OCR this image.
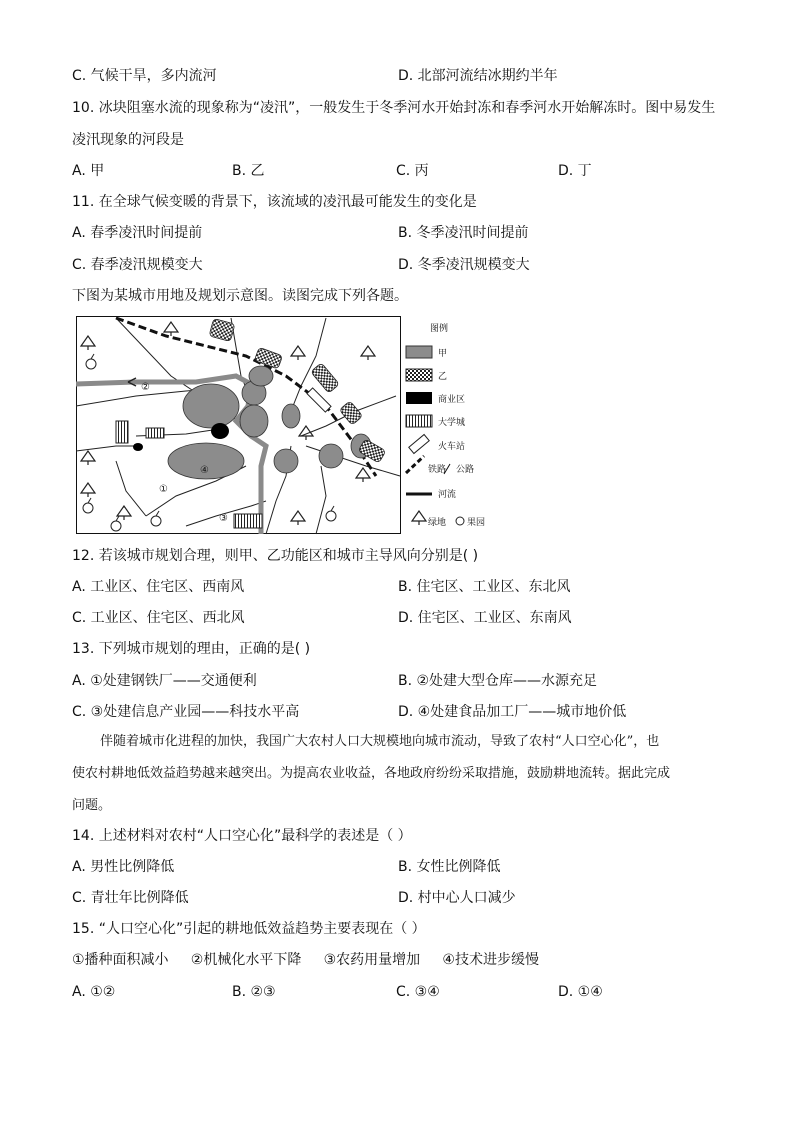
C. 气候干旱，多内流河	D. 北部河流结冰期约半年
10. 冰块阻塞水流的现象称为“凌汛”，一般发生于冬季河水开始封冻和春季河水开始解冻时。图中易发生
凌汛现象的河段是
A. 甲	B. 乙	C. 丙	D. 丁
11. 在全球气候变暖的背景下，该流域的凌汛最可能发生的变化是
A. 春季凌汛时间提前	B. 冬季凌汛时间提前
C. 春季凌汛规模变大	D. 冬季凌汛规模变大
下图为某城市用地及规划示意图。读图完成下列各题。
②
①
③
④
图例
甲
乙
商业区
大学城
火车站
铁路 公路
河流
绿地 果园
12. 若该城市规划合理，则甲、乙功能区和城市主导风向分别是( )
A. 工业区、住宅区、西南风	B. 住宅区、工业区、东北风
C. 工业区、住宅区、西北风	D. 住宅区、工业区、东南风
13. 下列城市规划的理由，正确的是( )
A. ①处建钢铁厂——交通便利	B. ②处建大型仓库——水源充足
C. ③处建信息产业园——科技水平高	D. ④处建食品加工厂——城市地价低
伴随着城市化进程的加快，我国广大农村人口大规模地向城市流动，导致了农村“人口空心化”，也
使农村耕地低效益趋势越来越突出。为提高农业收益，各地政府纷纷采取措施，鼓励耕地流转。据此完成
问题。
14. 上述材料对农村“人口空心化”最科学的表述是（ ）
A. 男性比例降低	B. 女性比例降低
C. 青壮年比例降低	D. 村中心人口减少
15. “人口空心化”引起的耕地低效益趋势主要表现在（ ）
①播种面积减小     ②机械化水平下降     ③农药用量增加     ④技术进步缓慢
A. ①②	B. ②③	C. ③④	D. ①④
